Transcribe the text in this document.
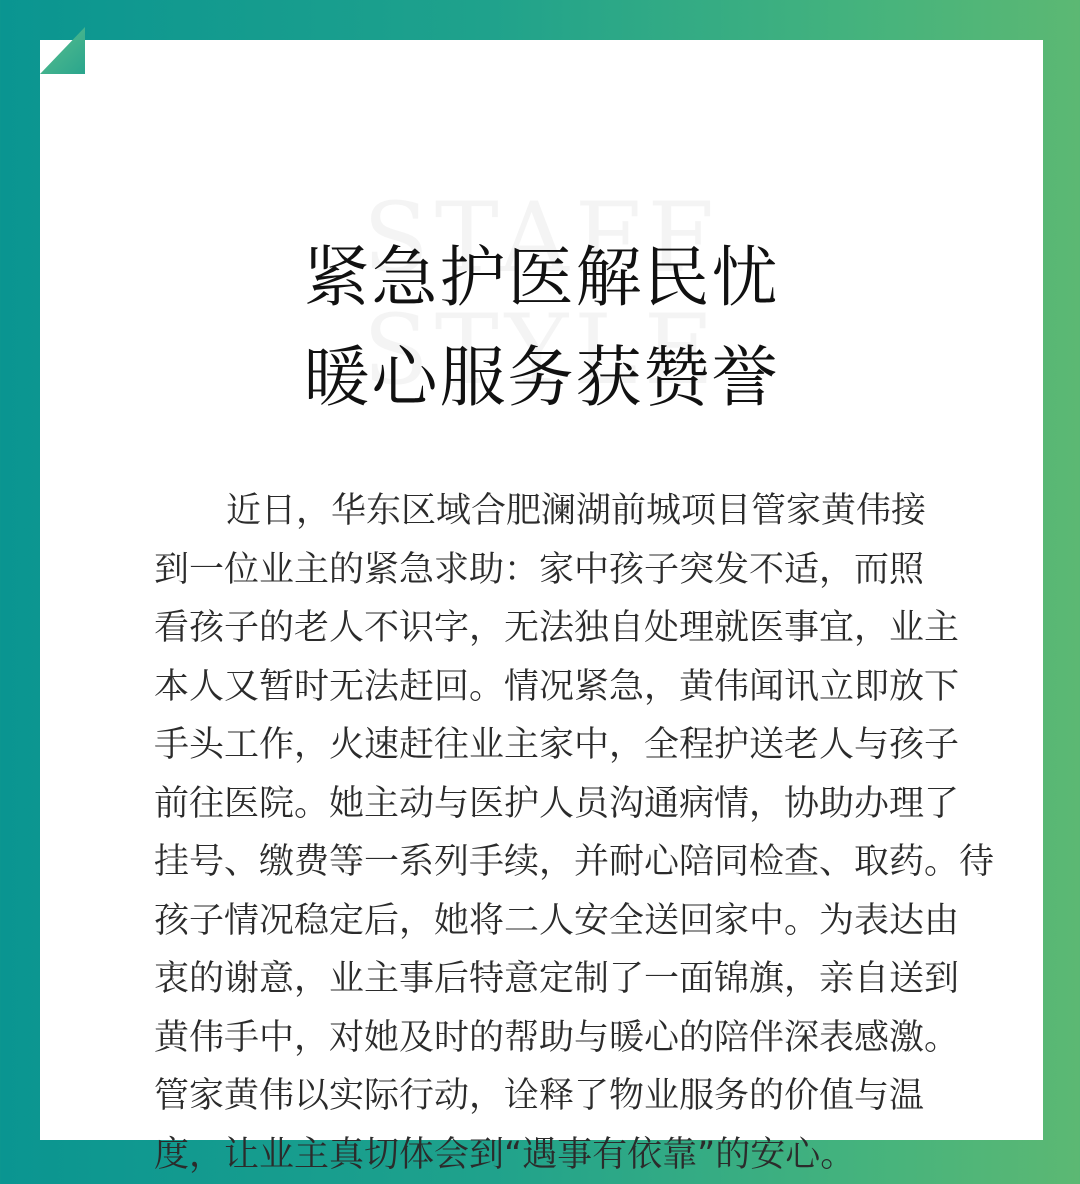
紧急护医解民忧
暖心服务获赞誉
近日，华东区域合肥澜湖前城项目管家黄伟接
到一位业主的紧急求助：家中孩子突发不适，而照
看孩子的老人不识字，无法独自处理就医事宜，业主
本人又暂时无法赶回。情况紧急，黄伟闻讯立即放下
手头工作，火速赶往业主家中，全程护送老人与孩子
前往医院。她主动与医护人员沟通病情，协助办理了
挂号、缴费等一系列手续，并耐心陪同检查、取药。待
孩子情况稳定后，她将二人安全送回家中。为表达由
衷的谢意，业主事后特意定制了一面锦旗，亲自送到
黄伟手中，对她及时的帮助与暖心的陪伴深表感激。
管家黄伟以实际行动，诠释了物业服务的价值与温
度，让业主真切体会到“遇事有依靠”的安心。
